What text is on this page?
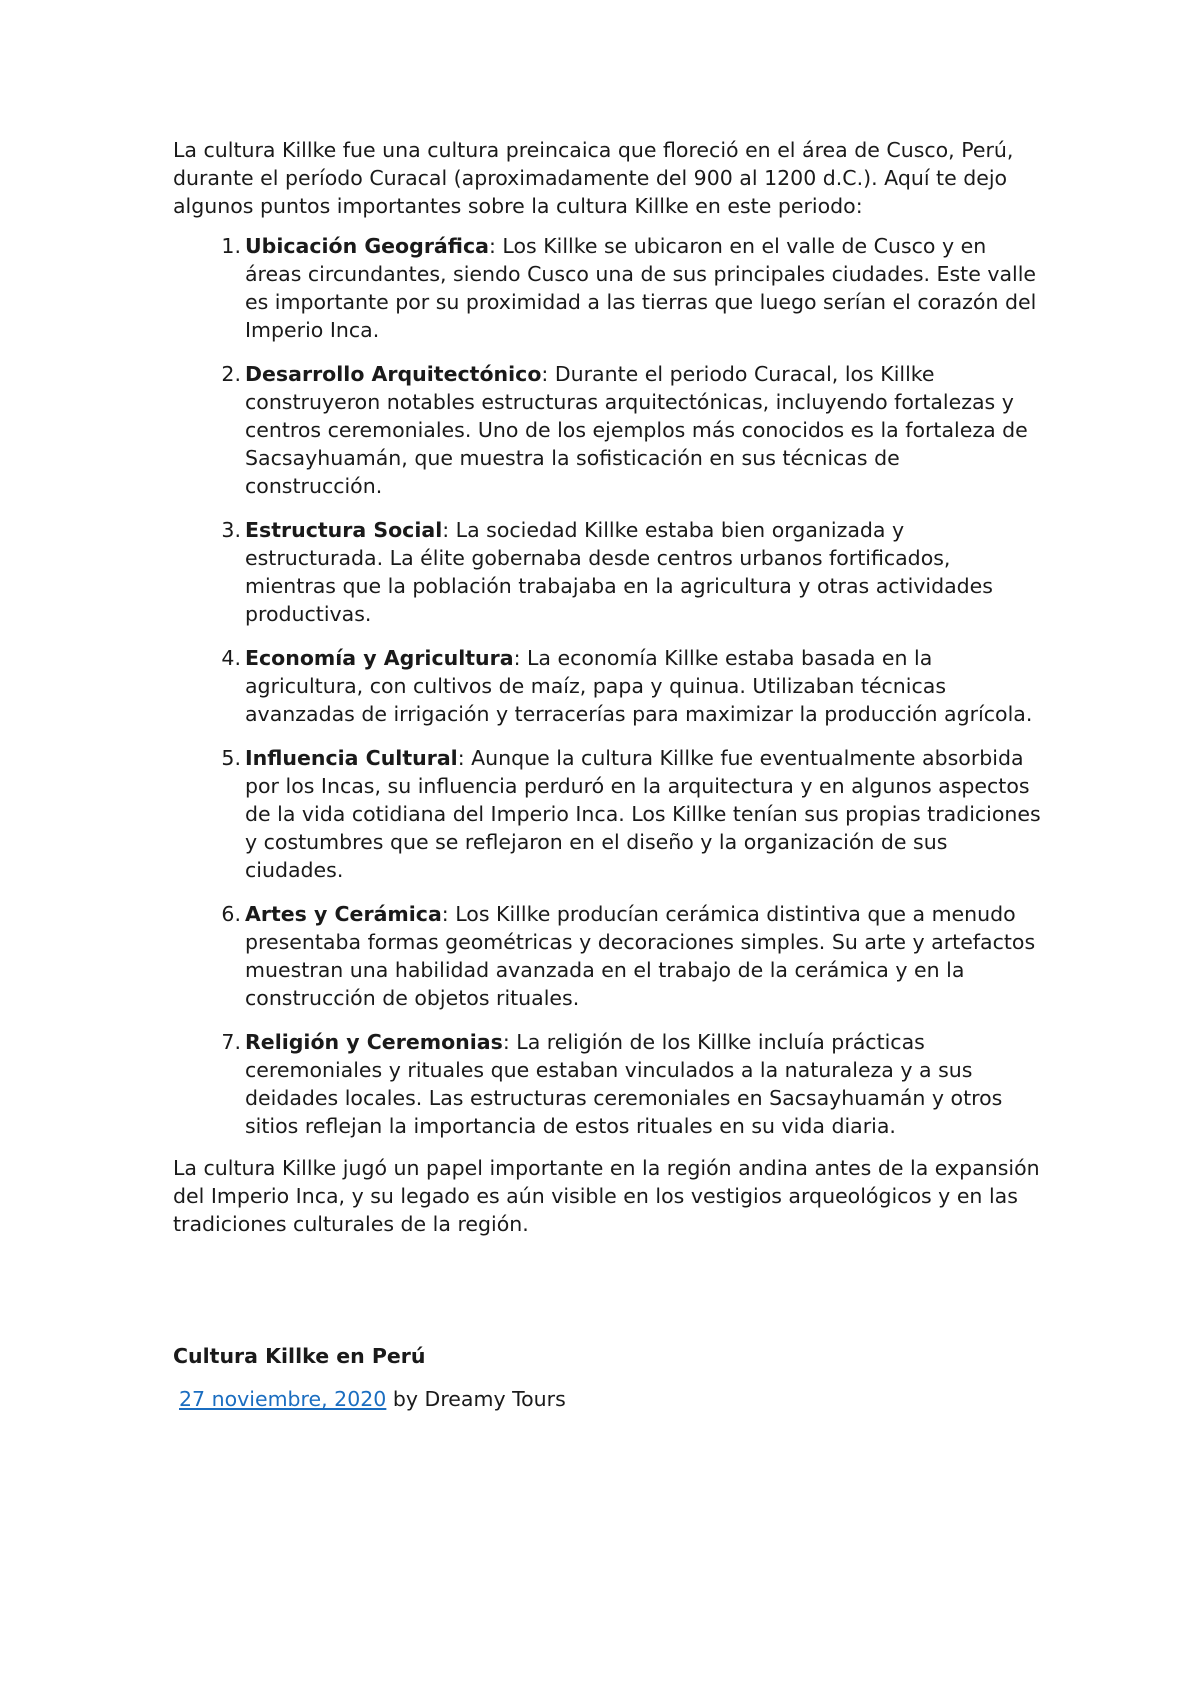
La cultura Killke fue una cultura preincaica que floreció en el área de Cusco, Perú, durante el período Curacal (aproximadamente del 900 al 1200 d.C.). Aquí te dejo algunos puntos importantes sobre la cultura Killke en este periodo:

1 . Ubicación Geográfica: Los Killke se ubicaron en el valle de Cusco y en áreas circundantes, siendo Cusco una de sus principales ciudades. Este valle es importante por su proximidad a las tierras que luego serían el corazón del Imperio Inca.
2 . Desarrollo Arquitectónico: Durante el periodo Curacal, los Killke construyeron notables estructuras arquitectónicas, incluyendo fortalezas y centros ceremoniales. Uno de los ejemplos más conocidos es la fortaleza de Sacsayhuamán, que muestra la sofisticación en sus técnicas de construcción.
3 . Estructura Social: La sociedad Killke estaba bien organizada y estructurada. La élite gobernaba desde centros urbanos fortificados, mientras que la población trabajaba en la agricultura y otras actividades productivas.
4 . Economía y Agricultura: La economía Killke estaba basada en la agricultura, con cultivos de maíz, papa y quinua. Utilizaban técnicas avanzadas de irrigación y terracerías para maximizar la producción agrícola.
5 . Influencia Cultural: Aunque la cultura Killke fue eventualmente absorbida por los Incas, su influencia perduró en la arquitectura y en algunos aspectos de la vida cotidiana del Imperio Inca. Los Killke tenían sus propias tradiciones y costumbres que se reflejaron en el diseño y la organización de sus ciudades.
6 . Artes y Cerámica: Los Killke producían cerámica distintiva que a menudo presentaba formas geométricas y decoraciones simples. Su arte y artefactos muestran una habilidad avanzada en el trabajo de la cerámica y en la construcción de objetos rituales.
7 . Religión y Ceremonias: La religión de los Killke incluía prácticas ceremoniales y rituales que estaban vinculados a la naturaleza y a sus deidades locales. Las estructuras ceremoniales en Sacsayhuamán y otros sitios reflejan la importancia de estos rituales en su vida diaria.

La cultura Killke jugó un papel importante en la región andina antes de la expansión del Imperio Inca, y su legado es aún visible en los vestigios arqueológicos y en las tradiciones culturales de la región.

Cultura Killke en Perú

27 noviembre, 2020 by Dreamy Tours
